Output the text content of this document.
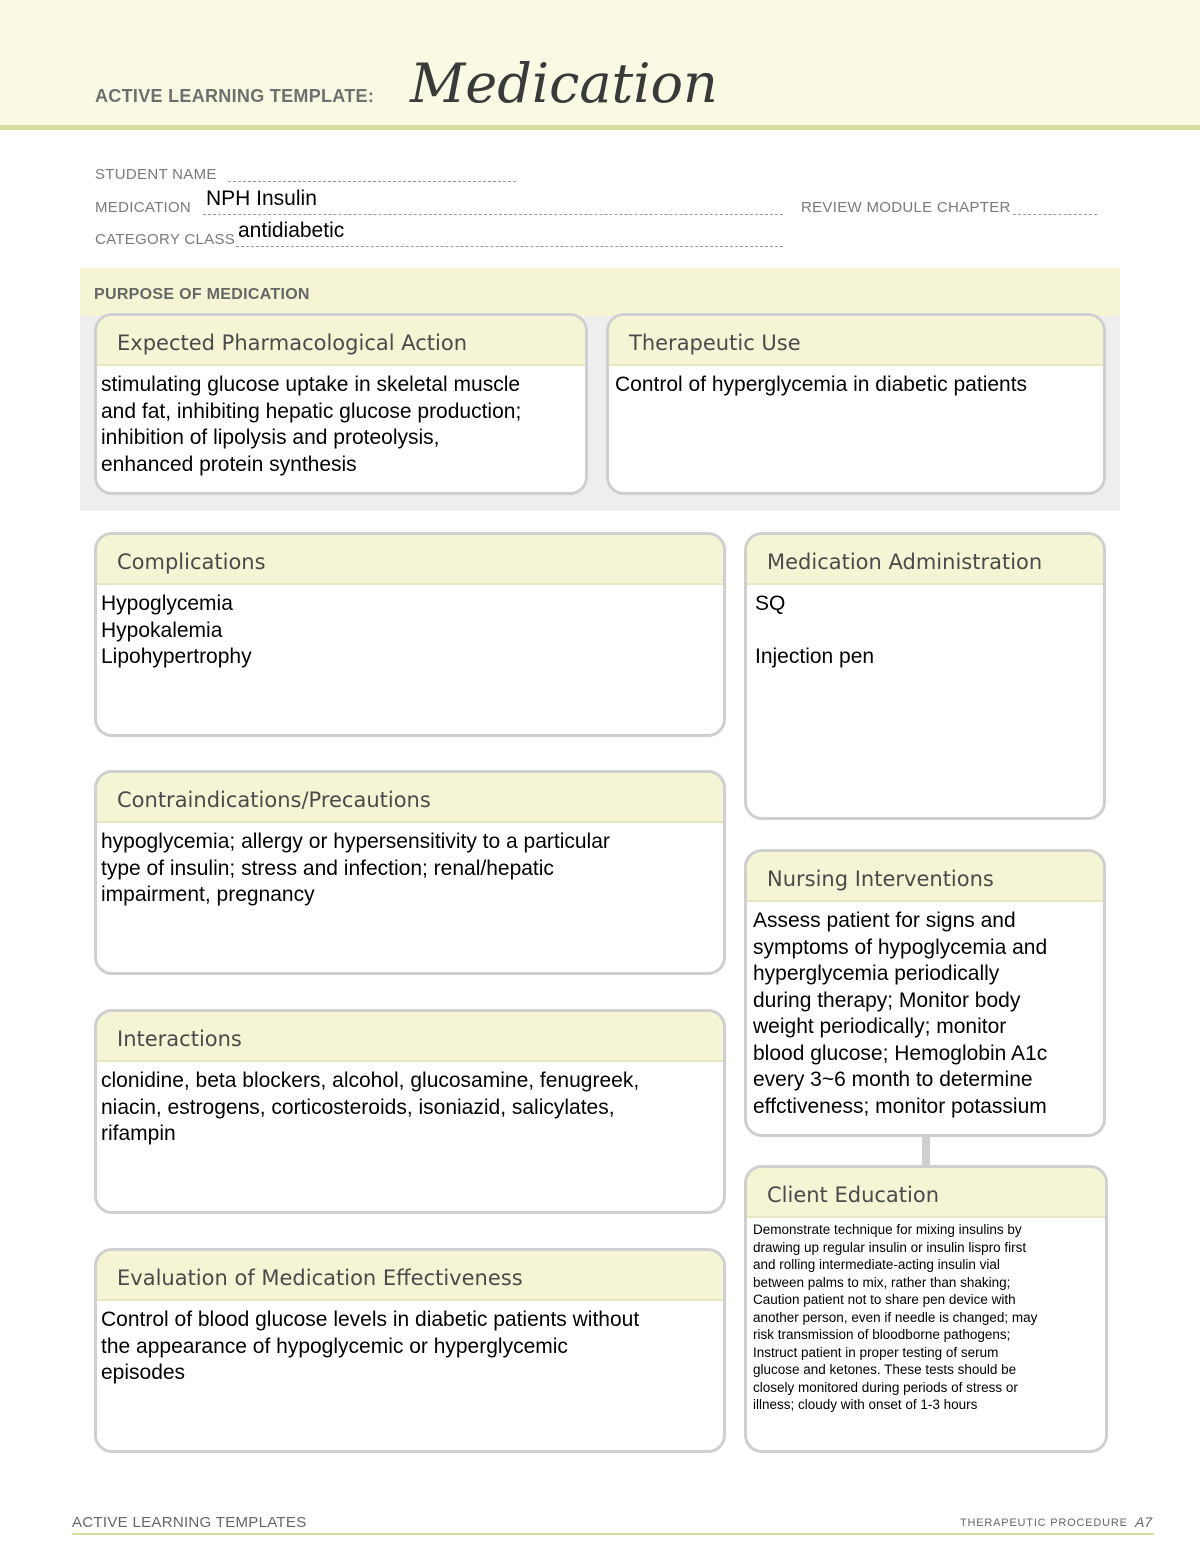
ACTIVE LEARNING TEMPLATE: Medication
STUDENT NAME
MEDICATION NPH Insulin	REVIEW MODULE CHAPTER
CATEGORY CLASS antidiabetic
PURPOSE OF MEDICATION
Expected Pharmacological Action
stimulating glucose uptake in skeletal muscle
and fat, inhibiting hepatic glucose production;
inhibition of lipolysis and proteolysis,
enhanced protein synthesis
Therapeutic Use
Control of hyperglycemia in diabetic patients
Complications
Hypoglycemia
Hypokalemia
Lipohypertrophy
Contraindications/Precautions
hypoglycemia; allergy or hypersensitivity to a particular
type of insulin; stress and infection; renal/hepatic
impairment, pregnancy
Interactions
clonidine, beta blockers, alcohol, glucosamine, fenugreek,
niacin, estrogens, corticosteroids, isoniazid, salicylates,
rifampin
Evaluation of Medication Effectiveness
Control of blood glucose levels in diabetic patients without
the appearance of hypoglycemic or hyperglycemic
episodes
Medication Administration
SQ
Injection pen
Nursing Interventions
Assess patient for signs and
symptoms of hypoglycemia and
hyperglycemia periodically
during therapy; Monitor body
weight periodically; monitor
blood glucose; Hemoglobin A1c
every 3~6 month to determine
effctiveness; monitor potassium
Client Education
Demonstrate technique for mixing insulins by
drawing up regular insulin or insulin lispro first
and rolling intermediate-acting insulin vial
between palms to mix, rather than shaking;
Caution patient not to share pen device with
another person, even if needle is changed; may
risk transmission of bloodborne pathogens;
Instruct patient in proper testing of serum
glucose and ketones. These tests should be
closely monitored during periods of stress or
illness; cloudy with onset of 1-3 hours
ACTIVE LEARNING TEMPLATES	THERAPEUTIC PROCEDURE A7
